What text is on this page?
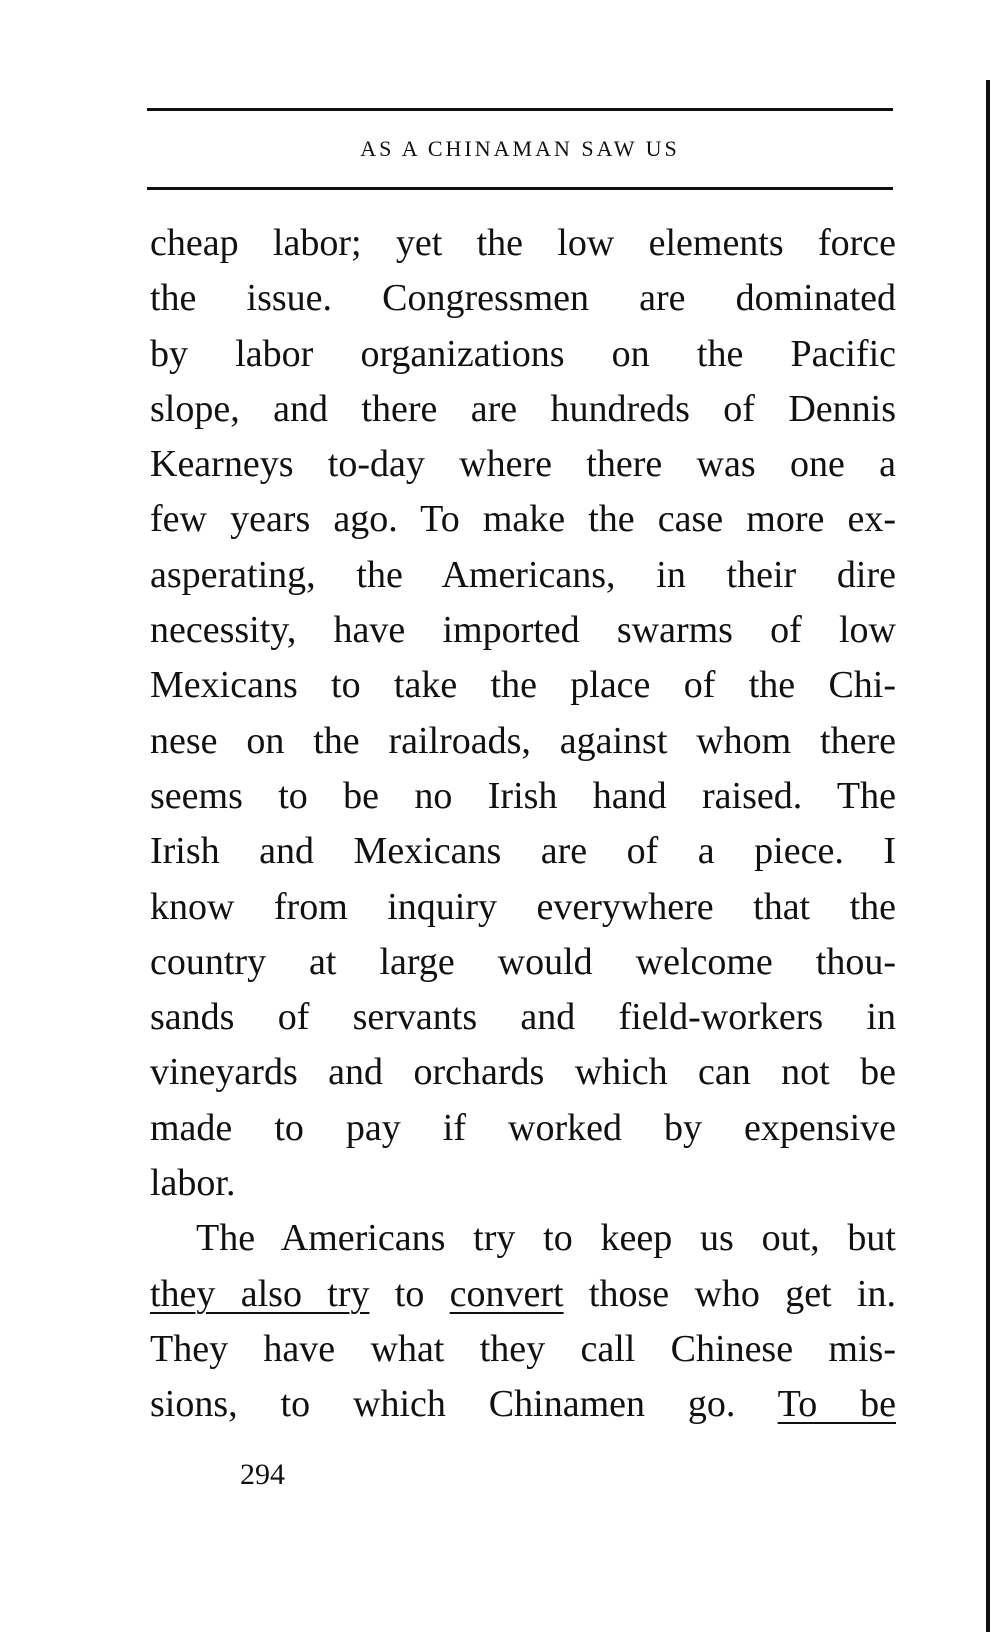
AS A CHINAMAN SAW US
cheap labor; yet the low elements force
the issue. Congressmen are dominated
by labor organizations on the Pacific
slope, and there are hundreds of Dennis
Kearneys to-day where there was one a
few years ago. To make the case more ex-
asperating, the Americans, in their dire
necessity, have imported swarms of low
Mexicans to take the place of the Chi-
nese on the railroads, against whom there
seems to be no Irish hand raised. The
Irish and Mexicans are of a piece. I
know from inquiry everywhere that the
country at large would welcome thou-
sands of servants and field-workers in
vineyards and orchards which can not be
made to pay if worked by expensive
labor.
The Americans try to keep us out, but
they also try to convert those who get in.
They have what they call Chinese mis-
sions, to which Chinamen go. To be
294
